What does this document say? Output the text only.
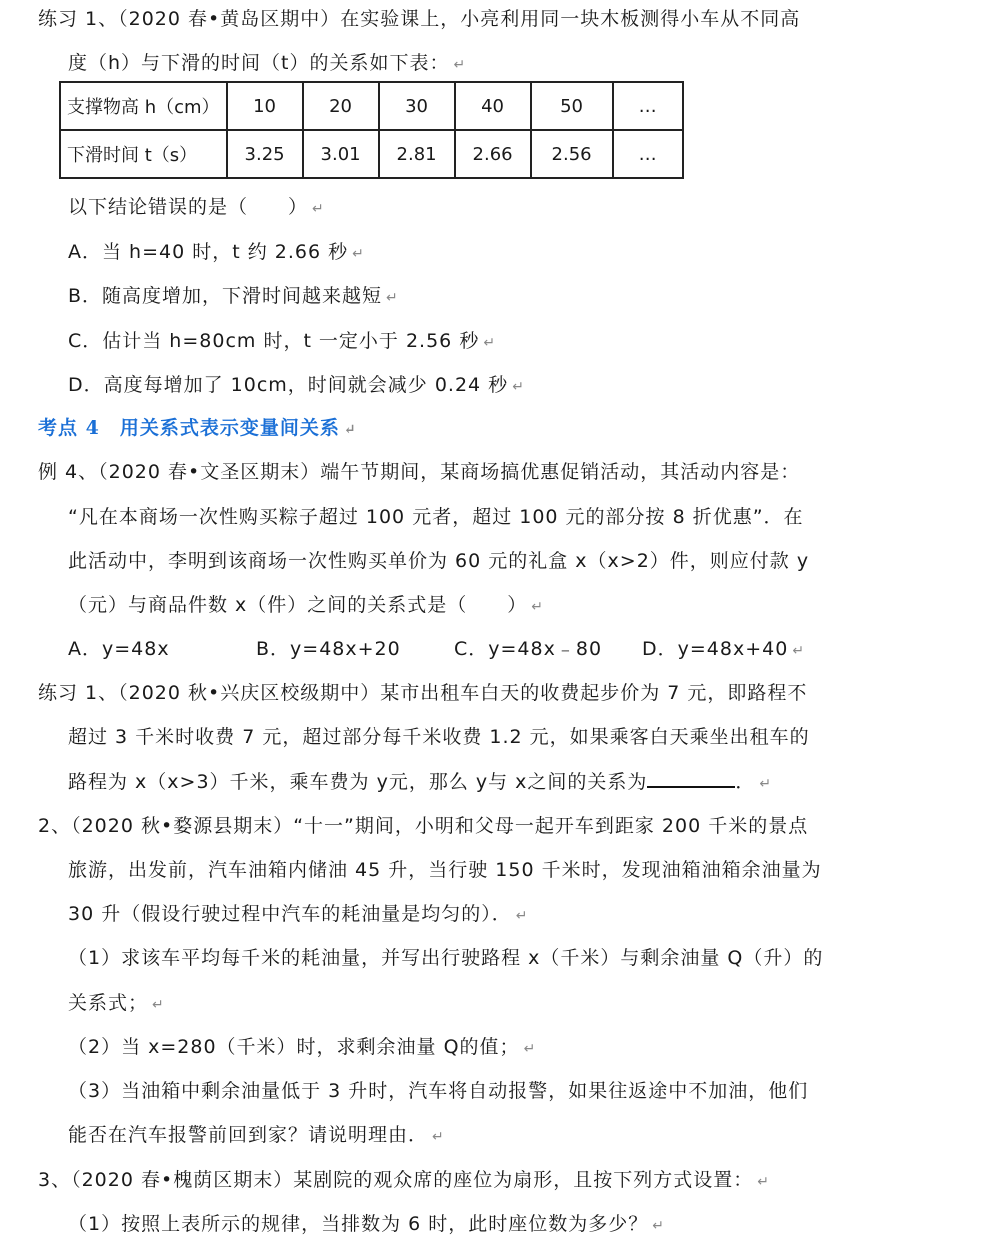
练习 1、（2020 春•黄岛区期中）在实验课上，小亮利用同一块木板测得小车从不同高
度（h）与下滑的时间（t）的关系如下表： ↵
支撑物高 h（cm）	10	20	30	40	50	…
下滑时间 t（s）	3.25	3.01	2.81	2.66	2.56	…
以下结论错误的是（　　） ↵
A．当 h=40 时，t 约 2.66 秒 ↵
B．随高度增加，下滑时间越来越短 ↵
C．估计当 h=80cm 时，t 一定小于 2.56 秒 ↵
D．高度每增加了 10cm，时间就会减少 0.24 秒 ↵
考点 4　用关系式表示变量间关系 ↵
例 4、（2020 春•文圣区期末）端午节期间，某商场搞优惠促销活动，其活动内容是：
“凡在本商场一次性购买粽子超过 100 元者，超过 100 元的部分按 8 折优惠”．在
此活动中，李明到该商场一次性购买单价为 60 元的礼盒 x（x>2）件，则应付款 y
（元）与商品件数 x（件）之间的关系式是（　　） ↵
A．y=48x	B．y=48x+20	C．y=48x﹣80 D．y=48x+40 ↵
练习 1、（2020 秋•兴庆区校级期中）某市出租车白天的收费起步价为 7 元，即路程不
超过 3 千米时收费 7 元，超过部分每千米收费 1.2 元，如果乘客白天乘坐出租车的
路程为 x（x>3）千米，乘车费为 y元，那么 y与 x之间的关系为	． ↵
2、（2020 秋•婺源县期末）“十一”期间，小明和父母一起开车到距家 200 千米的景点
旅游，出发前，汽车油箱内储油 45 升，当行驶 150 千米时，发现油箱油箱余油量为
30 升（假设行驶过程中汽车的耗油量是均匀的）． ↵
（1）求该车平均每千米的耗油量，并写出行驶路程 x（千米）与剩余油量 Q（升）的
关系式； ↵
（2）当 x=280（千米）时，求剩余油量 Q的值； ↵
（3）当油箱中剩余油量低于 3 升时，汽车将自动报警，如果往返途中不加油，他们
能否在汽车报警前回到家？请说明理由． ↵
3、（2020 春•槐荫区期末）某剧院的观众席的座位为扇形，且按下列方式设置： ↵
（1）按照上表所示的规律，当排数为 6 时，此时座位数为多少？ ↵
